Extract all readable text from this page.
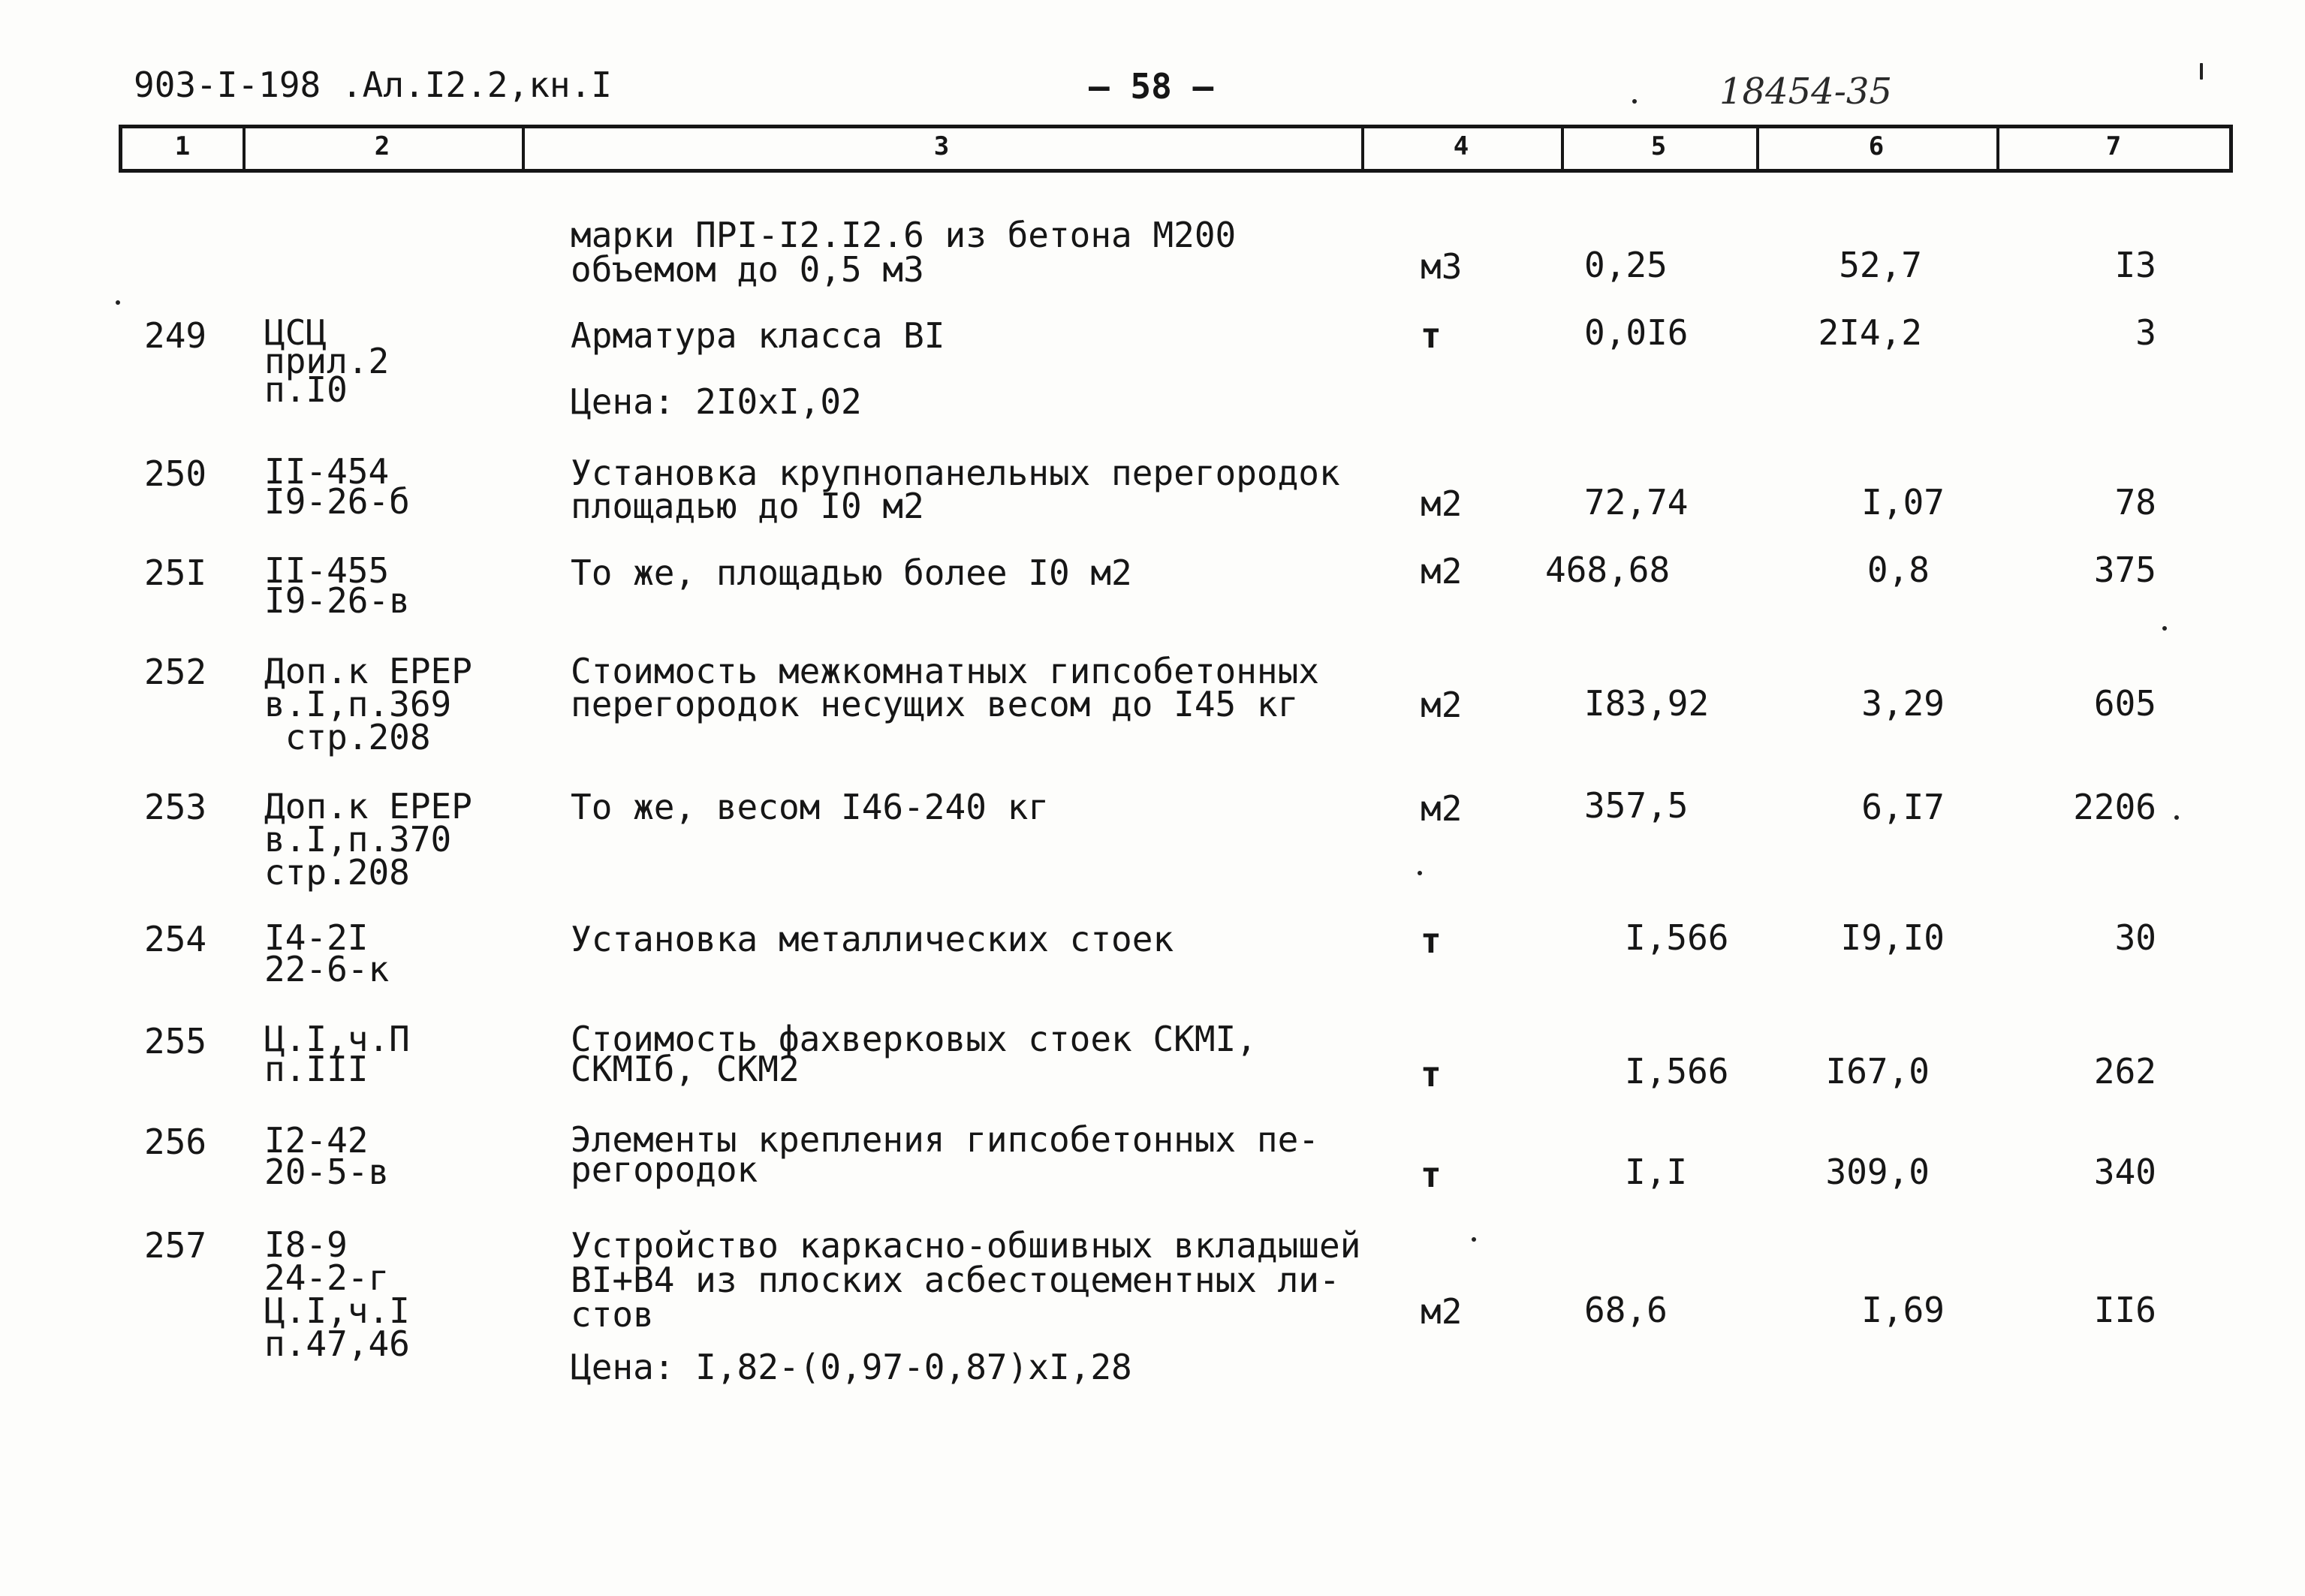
903-I-198 .Ал.I2.2,кн.I	— 58 —	18454-35
1	2	3	4	5	6	7
марки ПРI-I2.I2.6 из бетона М200
объемом до 0,5 м3	м3	0,25	52,7	I3
249 ЦСЦ
прил.2
п.I0
Арматура класса BI
Цена: 2I0xI,02
т	0,0I6	2I4,2	3
250 II-454
I9-26-б
Установка крупнопанельных перегородок
площадью до I0 м2	м2	72,74	I,07	78
25I II-455
I9-26-в
То же, площадью более I0 м2	м2 468,68	0,8	375
252 Доп.к ЕРЕР
в.I,п.369
стр.208
Стоимость межкомнатных гипсобетонных
перегородок несущих весом до I45 кг	м2	I83,92	3,29	605
253 Доп.к ЕРЕР
в.I,п.370
стр.208
То же, весом I46-240 кг	м2	357,5	6,I7	2206
254 I4-2I
22-6-к
Установка металлических стоек	т	I,566	I9,I0	30
255 Ц.I,ч.П
п.III
Стоимость фахверковых стоек СКМI,
СКМIб, СКМ2	т	I,566	I67,0	262
256 I2-42
20-5-в
Элементы крепления гипсобетонных пе-
регородок	т	I,I	309,0	340
257 I8-9
24-2-г
Ц.I,ч.I
п.47,46
Устройство каркасно-обшивных вкладышей
BI+B4 из плоских асбестоцементных ли-
стов
Цена: I,82-(0,97-0,87)xI,28
м2	68,6	I,69	II6
